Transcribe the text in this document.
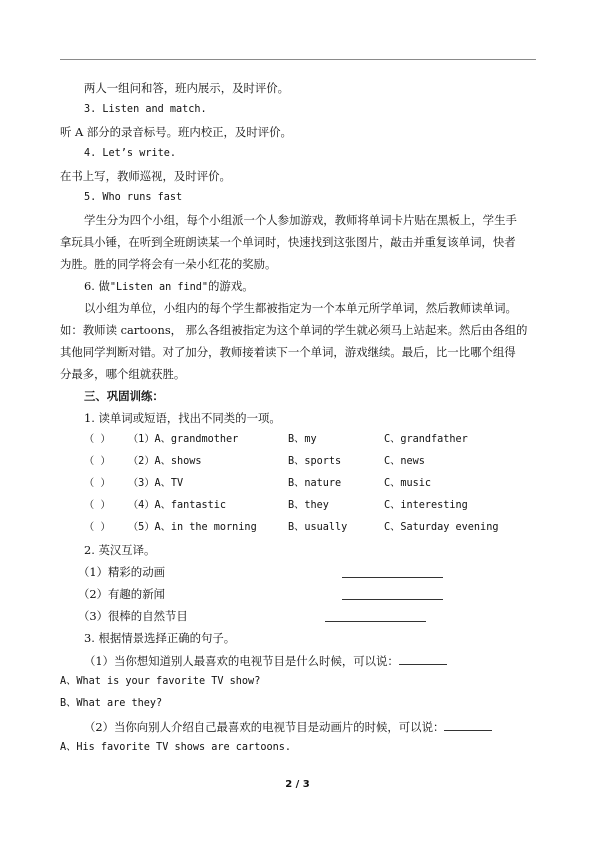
两人一组问和答，班内展示，及时评价。
3. Listen and match.
听 A 部分的录音标号。班内校正，及时评价。
4. Let’s write.
在书上写，教师巡视，及时评价。
5. Who runs fast
学生分为四个小组，每个小组派一个人参加游戏，教师将单词卡片贴在黑板上，学生手
拿玩具小锤，在听到全班朗读某一个单词时，快速找到这张图片，敲击并重复该单词，快者
为胜。胜的同学将会有一朵小红花的奖励。
6. 做"Listen an find"的游戏。
以小组为单位，小组内的每个学生都被指定为一个本单元所学单词，然后教师读单词。
如：教师读 cartoons， 那么各组被指定为这个单词的学生就必须马上站起来。然后由各组的
其他同学判断对错。对了加分，教师接着读下一个单词，游戏继续。最后，比一比哪个组得
分最多，哪个组就获胜。
三、巩固训练：
1. 读单词或短语，找出不同类的一项。
（ ） （1）A、grandmother	B、my	C、grandfather
（ ） （2）A、shows	B、sports	C、news
（ ） （3）A、TV	B、nature	C、music
（ ） （4）A、fantastic	B、they	C、interesting
（ ） （5）A、in the morning	B、usually	C、Saturday evening
2. 英汉互译。
（1）精彩的动画
（2）有趣的新闻
（3）很棒的自然节目
3. 根据情景选择正确的句子。
（1）当你想知道别人最喜欢的电视节目是什么时候，可以说：
A、What is your favorite TV show?
B、What are they?
（2）当你向别人介绍自己最喜欢的电视节目是动画片的时候，可以说：
A、His favorite TV shows are cartoons.
2 / 3
